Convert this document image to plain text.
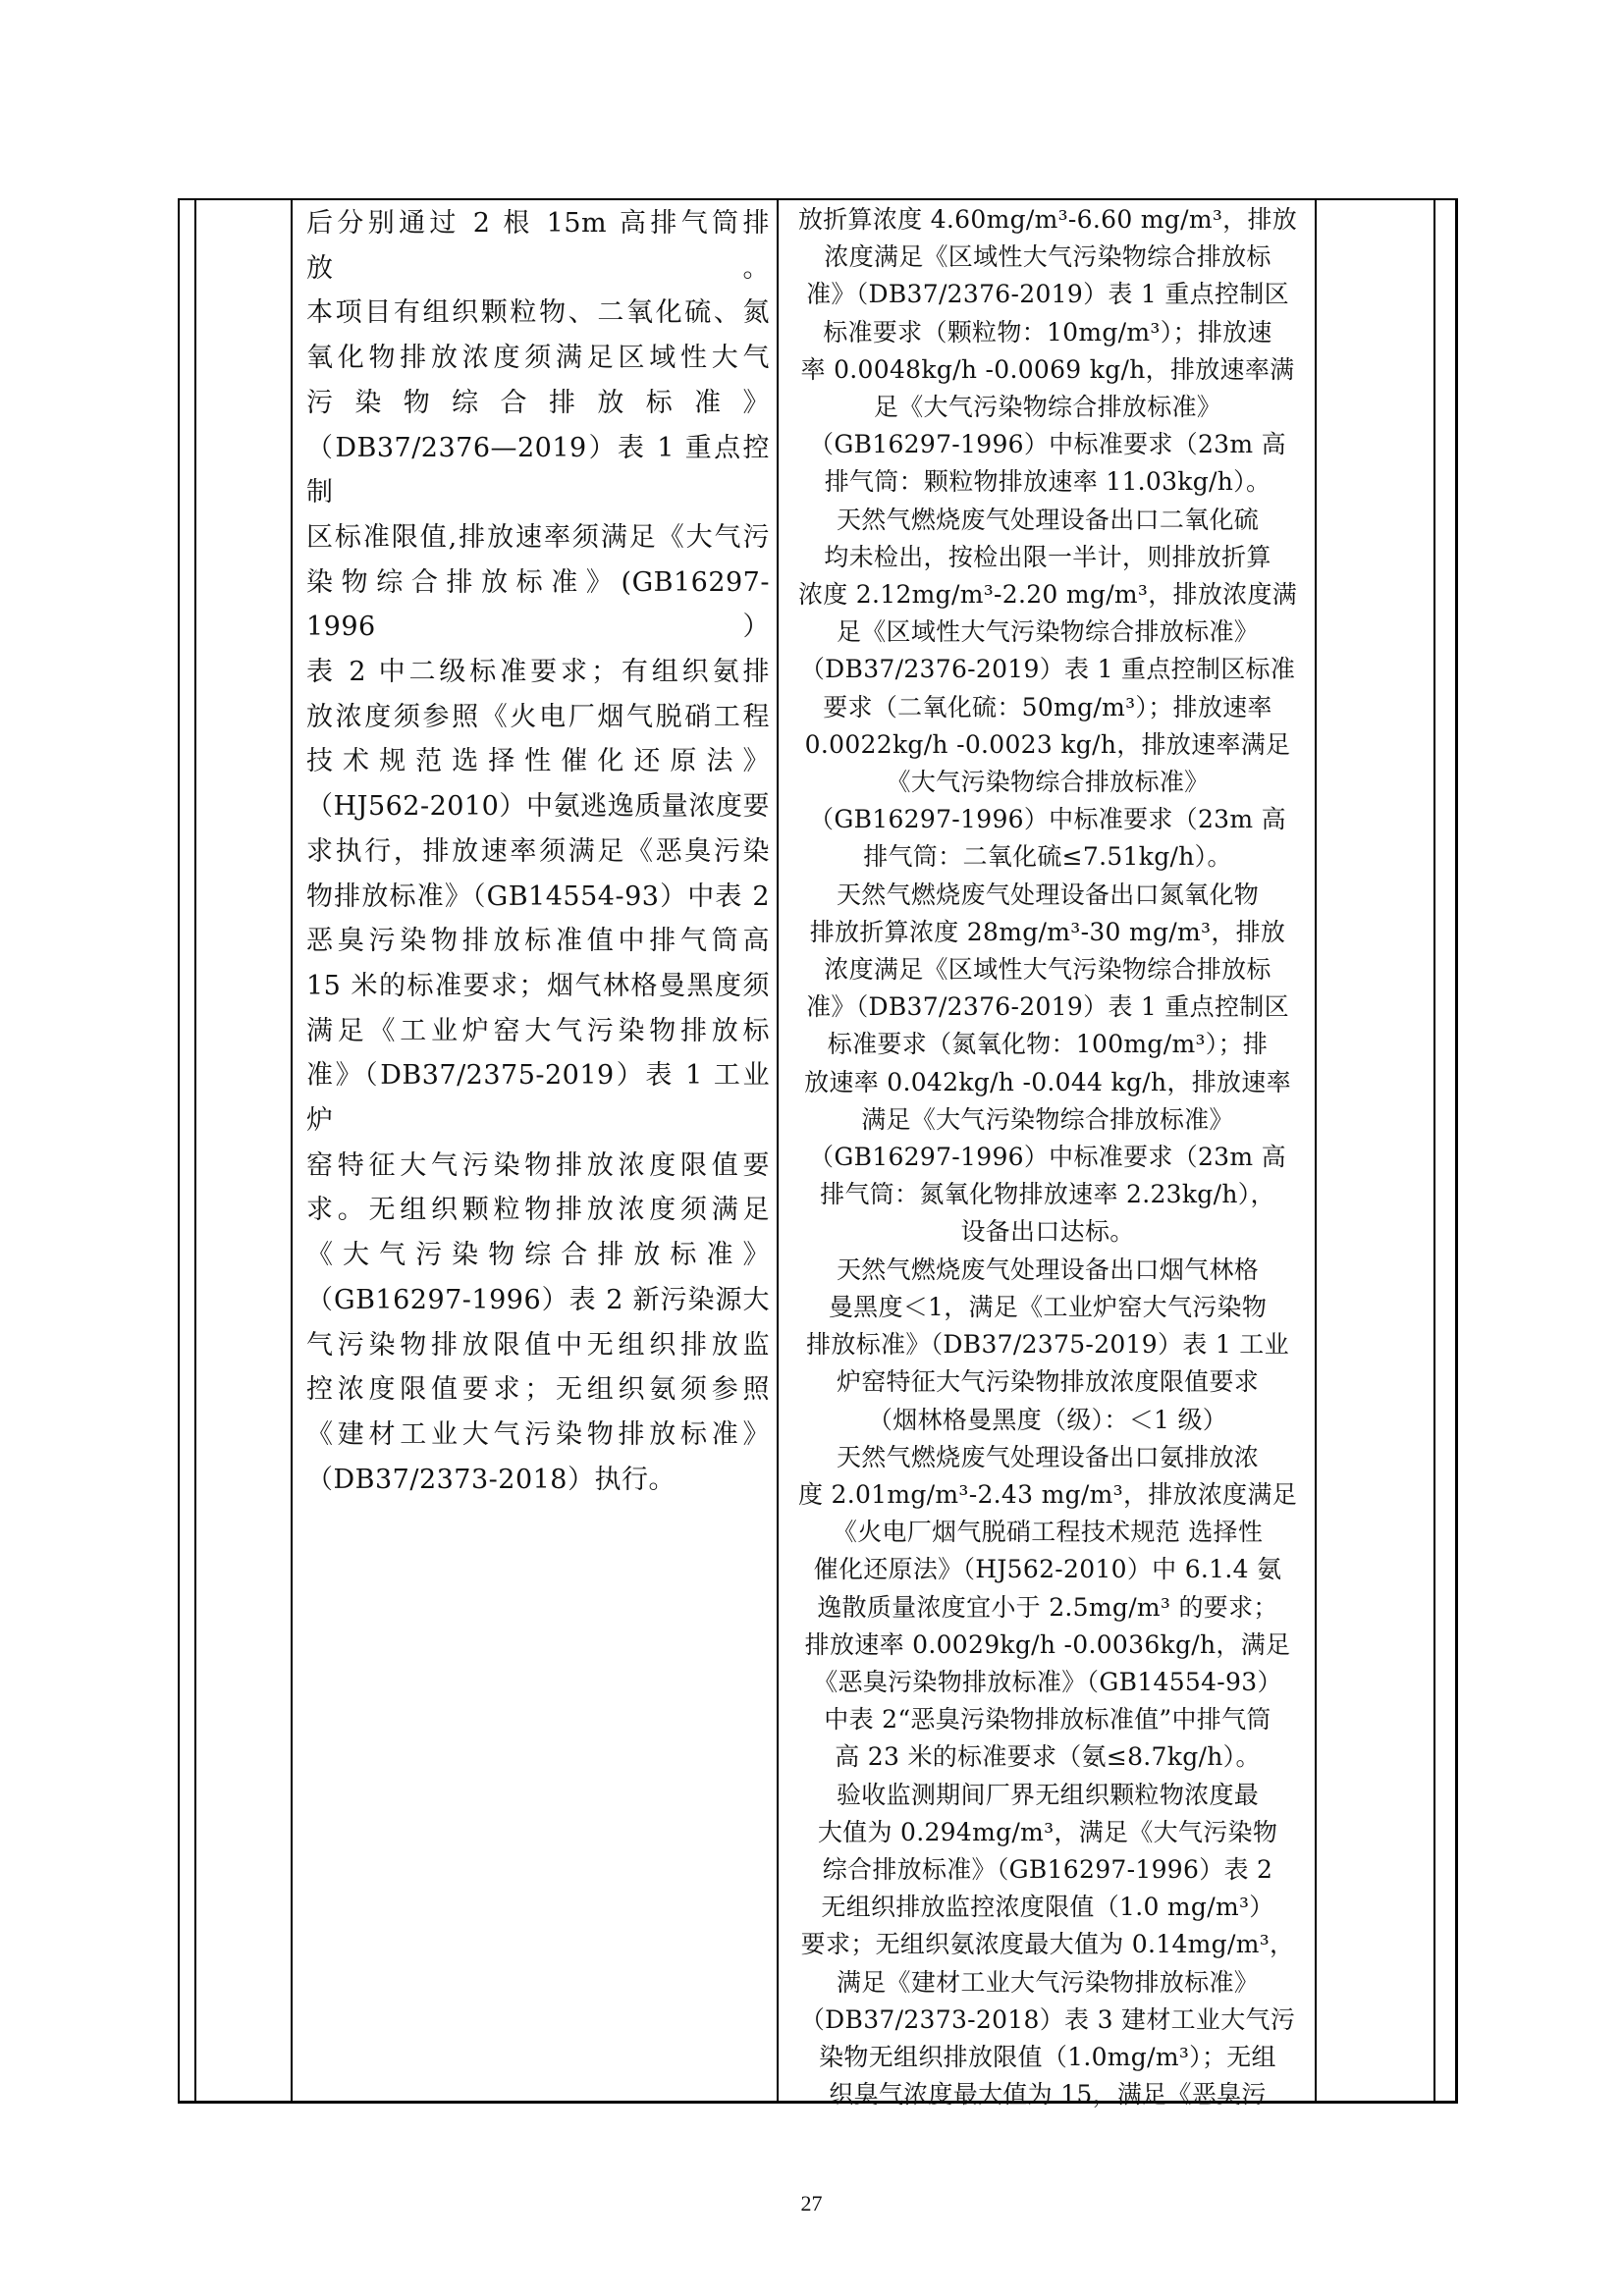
后分别通过 2 根 15m 高排气筒排放。

本项目有组织颗粒物、二氧化硫、氮

氧化物排放浓度须满足区域性大气

污染物综合排放标准》

（DB37/2376—2019）表 1 重点控制

区标准限值,排放速率须满足《大气污

染物综合排放标准》(GB16297-1996）

表 2 中二级标准要求；有组织氨排

放浓度须参照《火电厂烟气脱硝工程

技术规范选择性催化还原法》

（HJ562-2010）中氨逃逸质量浓度要

求执行，排放速率须满足《恶臭污染

物排放标准》（GB14554-93）中表 2

恶臭污染物排放标准值中排气筒高

15 米的标准要求；烟气林格曼黑度须

满足《工业炉窑大气污染物排放标

准》（DB37/2375-2019）表 1 工业炉

窑特征大气污染物排放浓度限值要

求。无组织颗粒物排放浓度须满足

《大气污染物综合排放标准》

（GB16297-1996）表 2 新污染源大

气污染物排放限值中无组织排放监

控浓度限值要求；无组织氨须参照

《建材工业大气污染物排放标准》

（DB37/2373-2018）执行。

放折算浓度 4.60mg/m³-6.60 mg/m³，排放

浓度满足《区域性大气污染物综合排放标

准》（DB37/2376-2019）表 1 重点控制区

标准要求（颗粒物：10mg/m³）；排放速

率 0.0048kg/h -0.0069 kg/h，排放速率满

足《大气污染物综合排放标准》

（GB16297-1996）中标准要求（23m 高

排气筒：颗粒物排放速率 11.03kg/h）。

天然气燃烧废气处理设备出口二氧化硫

均未检出，按检出限一半计，则排放折算

浓度 2.12mg/m³-2.20 mg/m³，排放浓度满

足《区域性大气污染物综合排放标准》

（DB37/2376-2019）表 1 重点控制区标准

要求（二氧化硫：50mg/m³）；排放速率

0.0022kg/h -0.0023 kg/h，排放速率满足

《大气污染物综合排放标准》

（GB16297-1996）中标准要求（23m 高

排气筒：二氧化硫≤7.51kg/h）。

天然气燃烧废气处理设备出口氮氧化物

排放折算浓度 28mg/m³-30 mg/m³，排放

浓度满足《区域性大气污染物综合排放标

准》（DB37/2376-2019）表 1 重点控制区

标准要求（氮氧化物：100mg/m³）；排

放速率 0.042kg/h -0.044 kg/h，排放速率

满足《大气污染物综合排放标准》

（GB16297-1996）中标准要求（23m 高

排气筒：氮氧化物排放速率 2.23kg/h），

设备出口达标。

天然气燃烧废气处理设备出口烟气林格

曼黑度＜1，满足《工业炉窑大气污染物

排放标准》（DB37/2375-2019）表 1 工业

炉窑特征大气污染物排放浓度限值要求

（烟林格曼黑度（级）：＜1 级）

天然气燃烧废气处理设备出口氨排放浓

度 2.01mg/m³-2.43 mg/m³，排放浓度满足

《火电厂烟气脱硝工程技术规范 选择性

催化还原法》（HJ562-2010）中 6.1.4 氨

逸散质量浓度宜小于 2.5mg/m³ 的要求；

排放速率 0.0029kg/h -0.0036kg/h，满足

《恶臭污染物排放标准》（GB14554-93）

中表 2“恶臭污染物排放标准值”中排气筒

高 23 米的标准要求（氨≤8.7kg/h）。

验收监测期间厂界无组织颗粒物浓度最

大值为 0.294mg/m³，满足《大气污染物

综合排放标准》（GB16297-1996）表 2

无组织排放监控浓度限值（1.0 mg/m³）

要求；无组织氨浓度最大值为 0.14mg/m³，

满足《建材工业大气污染物排放标准》

（DB37/2373-2018）表 3 建材工业大气污

染物无组织排放限值（1.0mg/m³）；无组

织臭气浓度最大值为 15，满足《恶臭污

27
